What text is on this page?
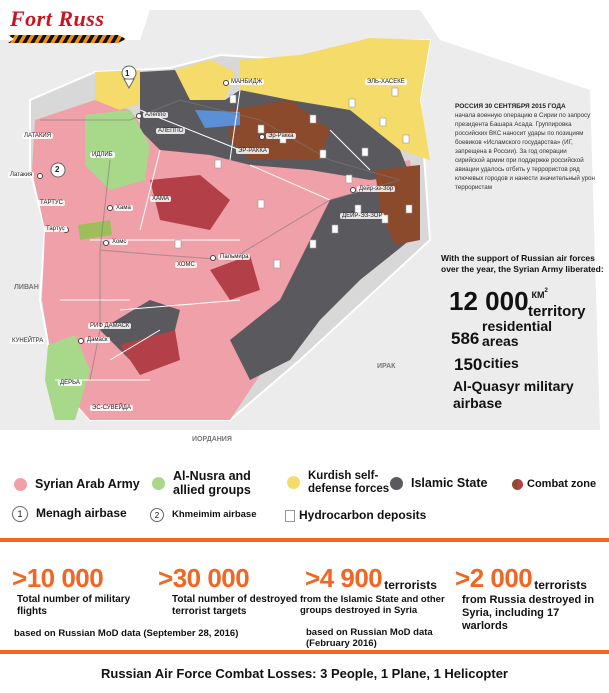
1
2
МАНБИДЖ
Алеппо
АЛЕППО
Эр-Ракка
ЭР-РАККА
ЭЛЬ-ХАСЕКЕ
ЛАТАКИЯ
Латакия
ИДЛИБ
ТАРТУС
Тартус
ХАМА
Хама
Хомс
ХОМС
Пальмира
Дейр-эз-Зор
ДЕЙР-ЭЗ-ЗОР
ЛИВАН
РИФ ДАМАСК
Дамаск
КУНЕЙТРА
ДЕРЬА
ЭС-СУВЕЙДА
ИРАК
ИОРДАНИЯ
Fort Russ
РОССИЯ 30 СЕНТЯБРЯ 2015 ГОДА
начала военную операцию в Сирии по запросу президента Башара Асада. Группировка российских ВКС наносит удары по позициям боевиков «Исламского государства» (ИГ, запрещена в России). За год операции сирийской армии при поддержке российской авиации удалось отбить у террористов ряд ключевых городов и нанести значительный урон террористам
With the support of Russian air forces over the year, the Syrian Army liberated:
12 000 КМ 2
territory
586
residential areas
150 cities
Al-Quasyr military airbase
Syrian Arab Army
Al-Nusra and allied groups
Kurdish self-defense forces	Islamic State	Combat zone
1	Menagh airbase	2	Khmeimim airbase	Hydrocarbon deposits
>10 000
Total number of military flights
>30 000
Total number of destroyed terrorist targets
> 4 900 terrorists
from the Islamic State and other groups destroyed in Syria
> 2 000 terrorists
from Russia destroyed in Syria, including 17 warlords
based on Russian MoD data (September 28, 2016)	based on Russian MoD data (February 2016)
Russian Air Force Combat Losses: 3 People, 1 Plane, 1 Helicopter
